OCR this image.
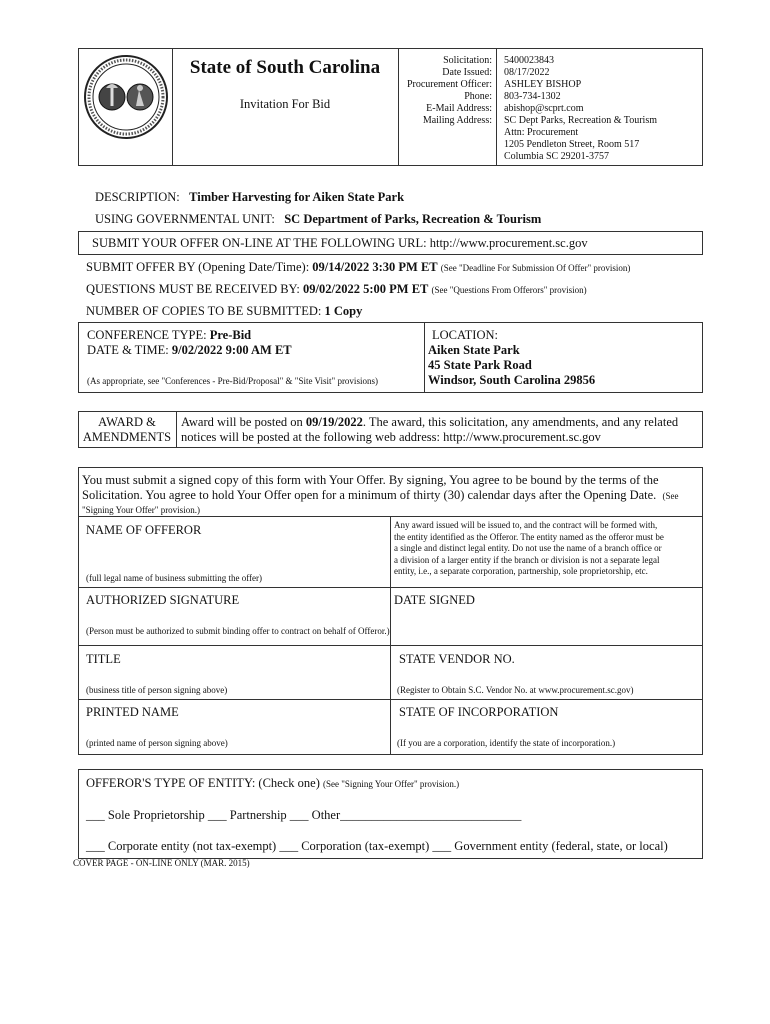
State of South Carolina
Invitation For Bid
Solicitation:
Date Issued:
Procurement Officer:
Phone:
E-Mail Address:
Mailing Address:
5400023843
08/17/2022
ASHLEY BISHOP
803-734-1302
abishop@scprt.com
SC Dept Parks, Recreation & Tourism
Attn: Procurement
1205 Pendleton Street, Room 517
Columbia SC 29201-3757
DESCRIPTION: Timber Harvesting for Aiken State Park
USING GOVERNMENTAL UNIT: SC Department of Parks, Recreation & Tourism
SUBMIT YOUR OFFER ON-LINE AT THE FOLLOWING URL: http://www.procurement.sc.gov
SUBMIT OFFER BY (Opening Date/Time): 09/14/2022 3:30 PM ET (See "Deadline For Submission Of Offer" provision)
QUESTIONS MUST BE RECEIVED BY: 09/02/2022 5:00 PM ET (See "Questions From Offerors" provision)
NUMBER OF COPIES TO BE SUBMITTED: 1 Copy
CONFERENCE TYPE: Pre-Bid
DATE & TIME: 9/02/2022 9:00 AM ET
(As appropriate, see "Conferences - Pre-Bid/Proposal" & "Site Visit" provisions)
LOCATION:
Aiken State Park
45 State Park Road
Windsor, South Carolina 29856
AWARD &
AMENDMENTS
Award will be posted on 09/19/2022. The award, this solicitation, any amendments, and any related
notices will be posted at the following web address: http://www.procurement.sc.gov
You must submit a signed copy of this form with Your Offer. By signing, You agree to be bound by the terms of the
Solicitation. You agree to hold Your Offer open for a minimum of thirty (30) calendar days after the Opening Date. (See
"Signing Your Offer" provision.)
NAME OF OFFEROR
(full legal name of business submitting the offer)
Any award issued will be issued to, and the contract will be formed with,
the entity identified as the Offeror. The entity named as the offeror must be
a single and distinct legal entity. Do not use the name of a branch office or
a division of a larger entity if the branch or division is not a separate legal
entity, i.e., a separate corporation, partnership, sole proprietorship, etc.
AUTHORIZED SIGNATURE
(Person must be authorized to submit binding offer to contract on behalf of Offeror.)
DATE SIGNED
TITLE
(business title of person signing above)
STATE VENDOR NO.
(Register to Obtain S.C. Vendor No. at www.procurement.sc.gov)
PRINTED NAME
(printed name of person signing above)
STATE OF INCORPORATION
(If you are a corporation, identify the state of incorporation.)
OFFEROR'S TYPE OF ENTITY: (Check one) (See "Signing Your Offer" provision.)
___ Sole Proprietorship ___ Partnership ___ Other_____________________________
___ Corporate entity (not tax-exempt) ___ Corporation (tax-exempt) ___ Government entity (federal, state, or local)
COVER PAGE - ON-LINE ONLY (MAR. 2015)
